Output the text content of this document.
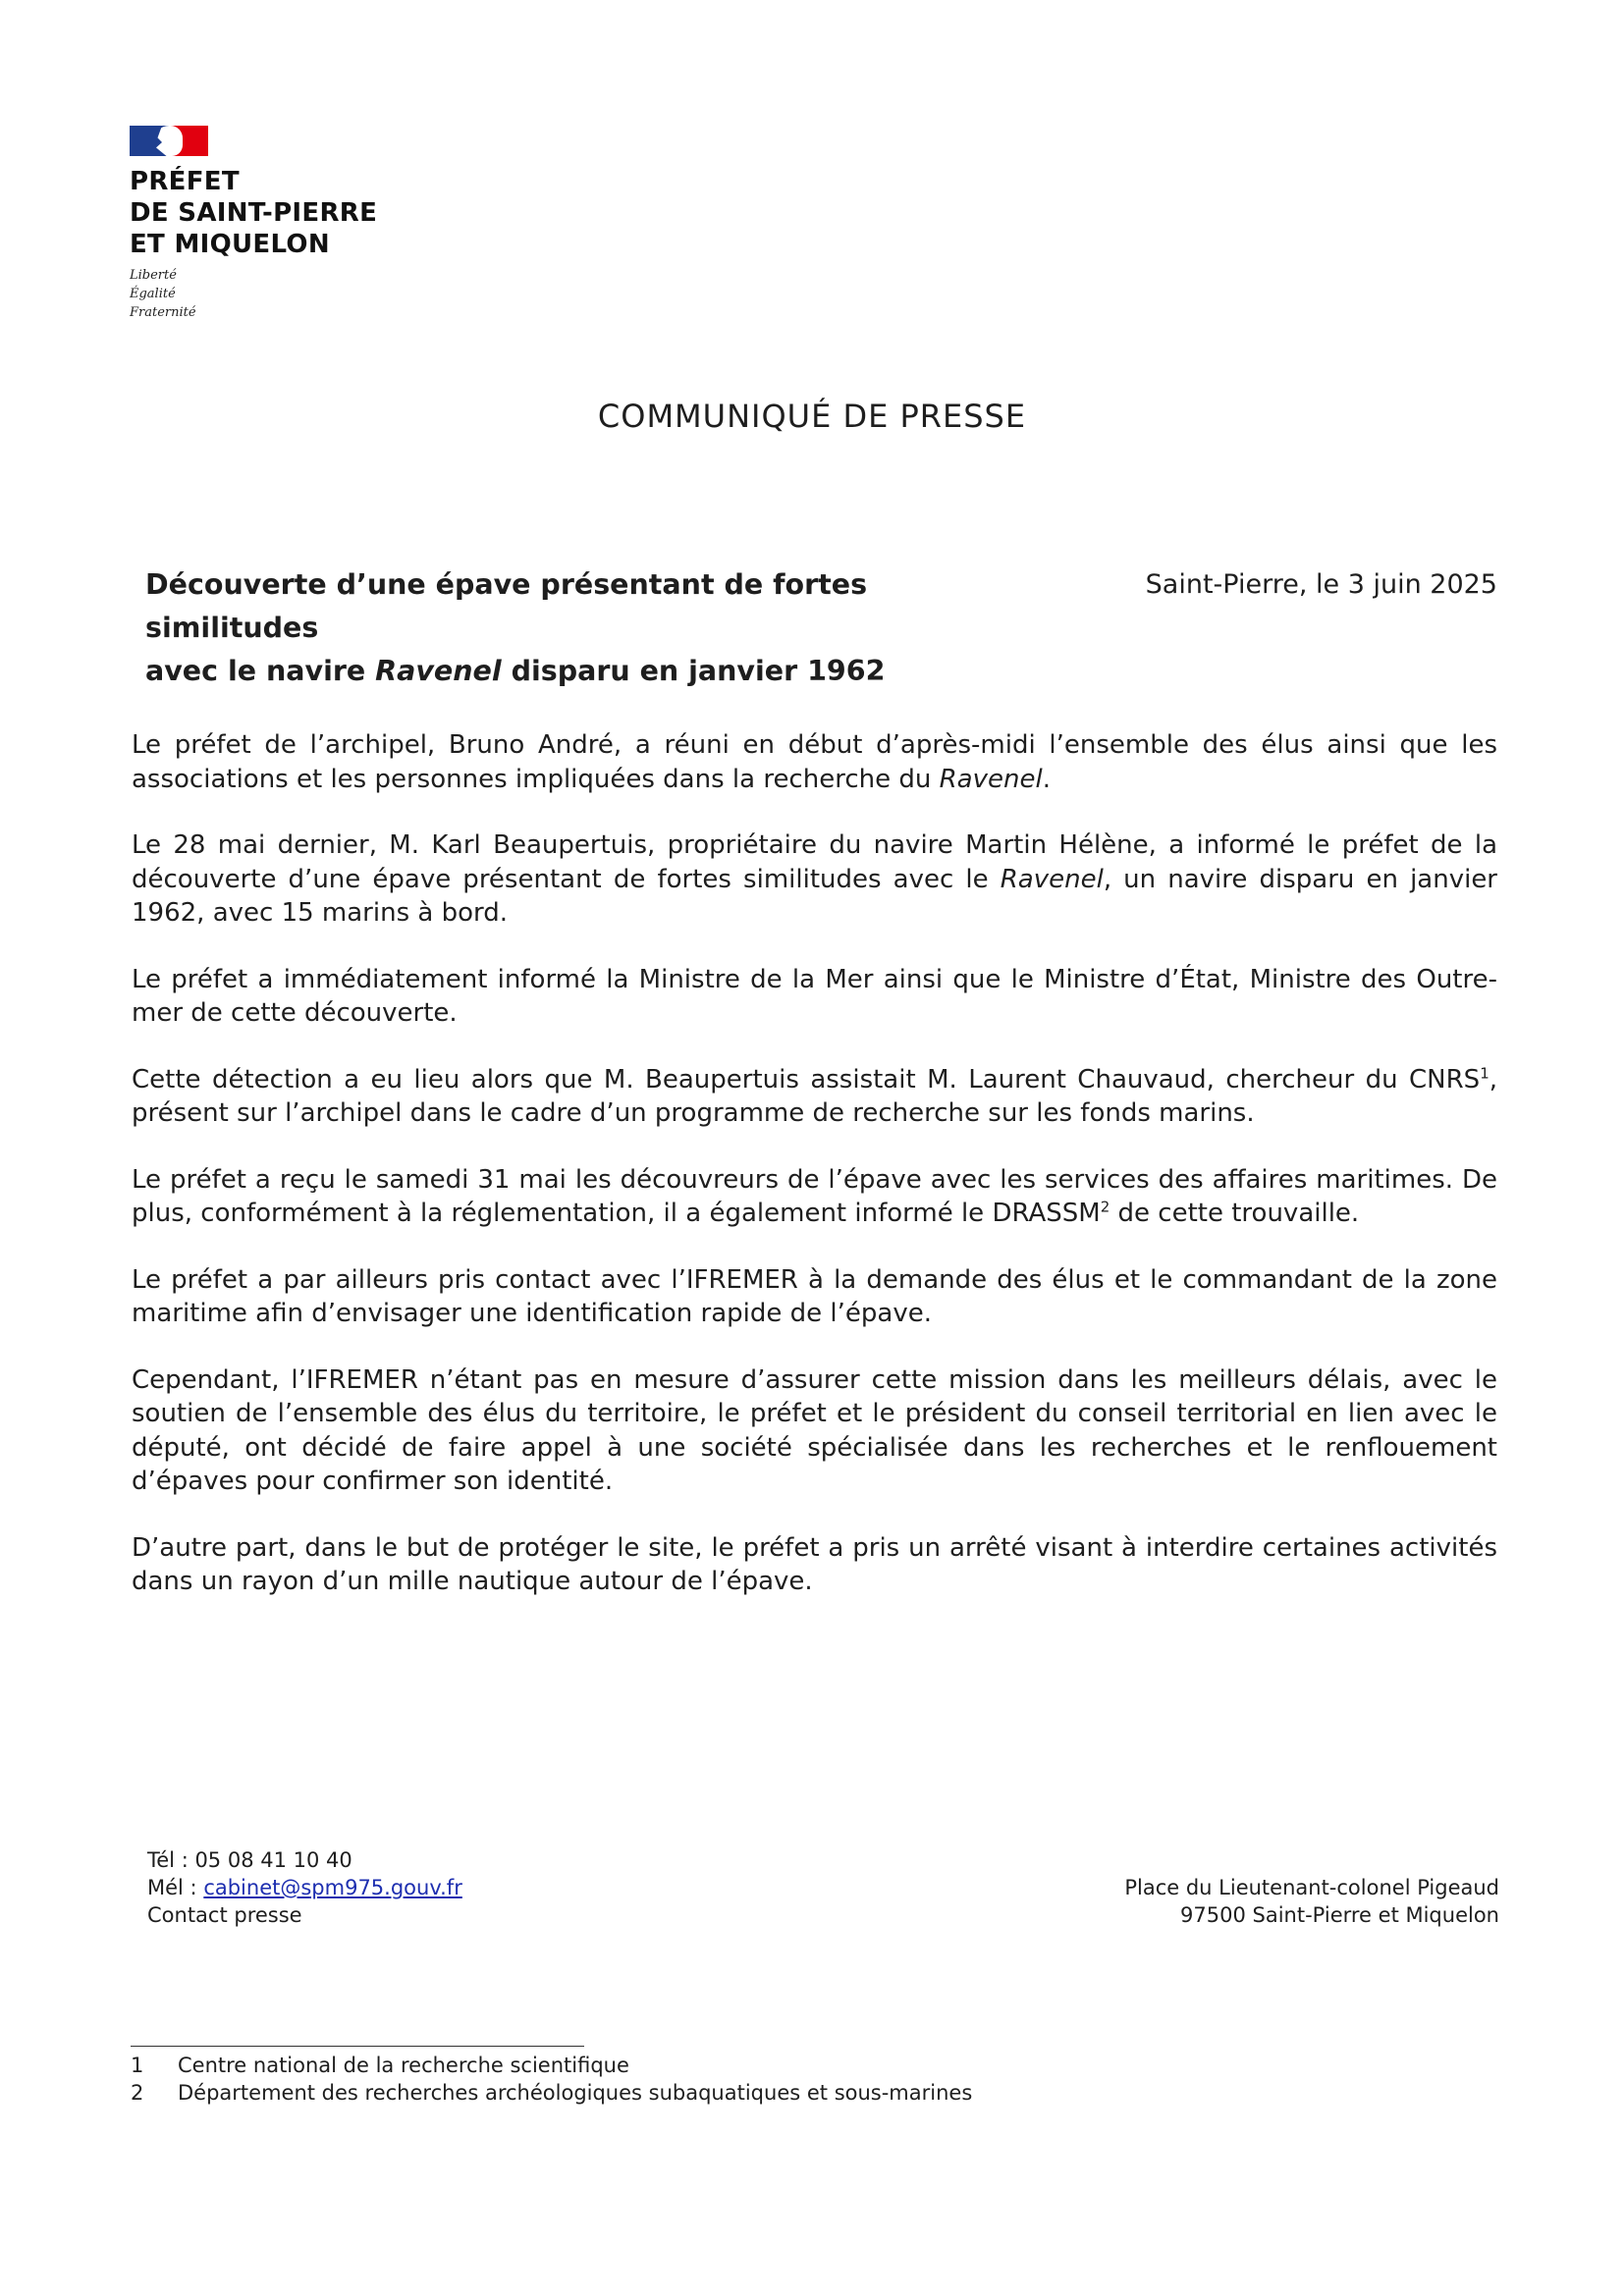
PRÉFET
DE SAINT-PIERRE
ET MIQUELON
Liberté
Égalité
Fraternité
COMMUNIQUÉ DE PRESSE
Découverte d’une épave présentant de fortes similitudes
avec le navire Ravenel disparu en janvier 1962
Saint-Pierre, le 3 juin 2025

Le préfet de l’archipel, Bruno André, a réuni en début d’après-midi l’ensemble des élus ainsi que les associations et les personnes impliquées dans la recherche du Ravenel.

Le 28 mai dernier, M. Karl Beaupertuis, propriétaire du navire Martin Hélène, a informé le préfet de la découverte d’une épave présentant de fortes similitudes avec le Ravenel, un navire disparu en janvier 1962, avec 15 marins à bord.

Le préfet a immédiatement informé la Ministre de la Mer ainsi que le Ministre d’État, Ministre des Outre-mer de cette découverte.

Cette détection a eu lieu alors que M. Beaupertuis assistait M. Laurent Chauvaud, chercheur du CNRS$^1$, présent sur l’archipel dans le cadre d’un programme de recherche sur les fonds marins.

Le préfet a reçu le samedi 31 mai les découvreurs de l’épave avec les services des affaires maritimes. De plus, conformément à la réglementation, il a également informé le DRASSM$^2$ de cette trouvaille.

Le préfet a par ailleurs pris contact avec l’IFREMER à la demande des élus et le commandant de la zone maritime afin d’envisager une identification rapide de l’épave.

Cependant, l’IFREMER n’étant pas en mesure d’assurer cette mission dans les meilleurs délais, avec le soutien de l’ensemble des élus du territoire, le préfet et le président du conseil territorial en lien avec le député, ont décidé de faire appel à une société spécialisée dans les recherches et le renflouement d’épaves pour confirmer son identité.

D’autre part, dans le but de protéger le site, le préfet a pris un arrêté visant à interdire certaines activités dans un rayon d’un mille nautique autour de l’épave.

Tél : 05 08 41 10 40
Mél : cabinet@spm975.gouv.fr
Contact presse
Place du Lieutenant-colonel Pigeaud
97500 Saint-Pierre et Miquelon
1	Centre national de la recherche scientifique
2	Département des recherches archéologiques subaquatiques et sous-marines
